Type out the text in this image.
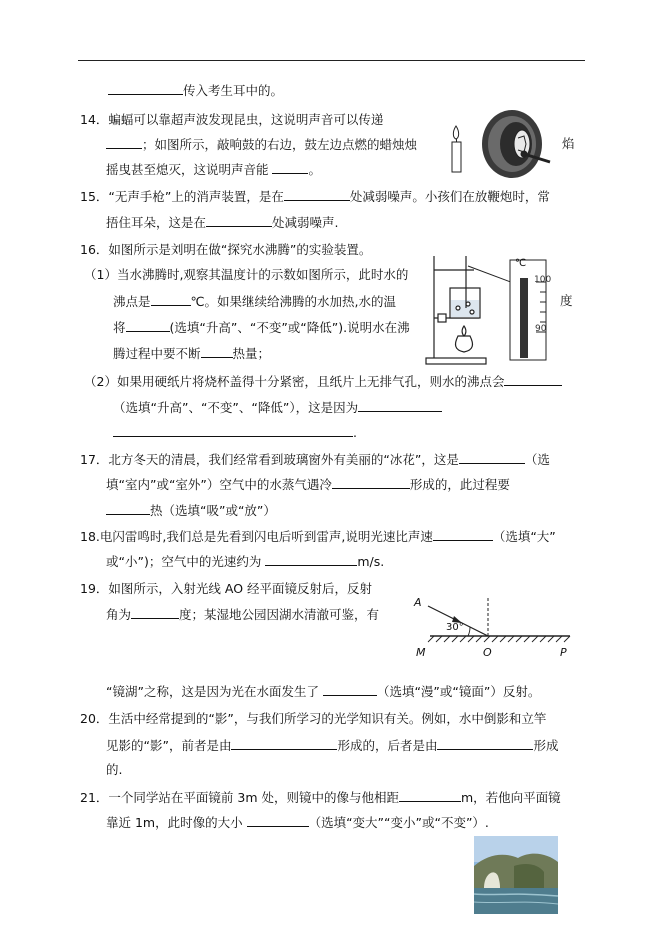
传入考生耳中的。
14．蝙蝠可以靠超声波发现昆虫，这说明声音可以传递
；如图所示，敲响鼓的右边，鼓左边点燃的蜡烛烛	焰
摇曳甚至熄灭，这说明声音能	。
15．“无声手枪”上的消声装置，是在	处减弱噪声。小孩们在放鞭炮时，常
捂住耳朵，这是在	处减弱噪声.
16．如图所示是刘明在做“探究水沸腾”的实验装置。
（1）当水沸腾时,观察其温度计的示数如图所示，此时水的
沸点是	℃。如果继续给沸腾的水加热,水的温	度
将	(选填“升高”、“不变”或“降低”).说明水在沸
腾过程中要不断	热量；
（2）如果用硬纸片将烧杯盖得十分紧密，且纸片上无排气孔，则水的沸点会
（选填“升高”、“不变”、“降低”），这是因为
.
17．北方冬天的清晨，我们经常看到玻璃窗外有美丽的“冰花”，这是	（选
填“室内”或“室外”）空气中的水蒸气遇冷	形成的，此过程要
热（选填“吸”或“放”）
18.电闪雷鸣时,我们总是先看到闪电后听到雷声,说明光速比声速	（选填“大”
或“小”)；空气中的光速约为	m/s.
19．如图所示，入射光线 AO 经平面镜反射后，反射
角为	度；某湿地公园因湖水清澈可鉴，有
“镜湖”之称，这是因为光在水面发生了	（选填“漫”或“镜面”）反射。
20．生活中经常提到的“影”，与我们所学习的光学知识有关。例如，水中倒影和立竿
见影的“影”，前者是由	形成的，后者是由	形成
的.
21．一个同学站在平面镜前 3m 处，则镜中的像与他相距	m，若他向平面镜
靠近 1m，此时像的大小	（选填“变大”“变小”或“不变”）.
℃
100
90
A
30°
M	O	P
